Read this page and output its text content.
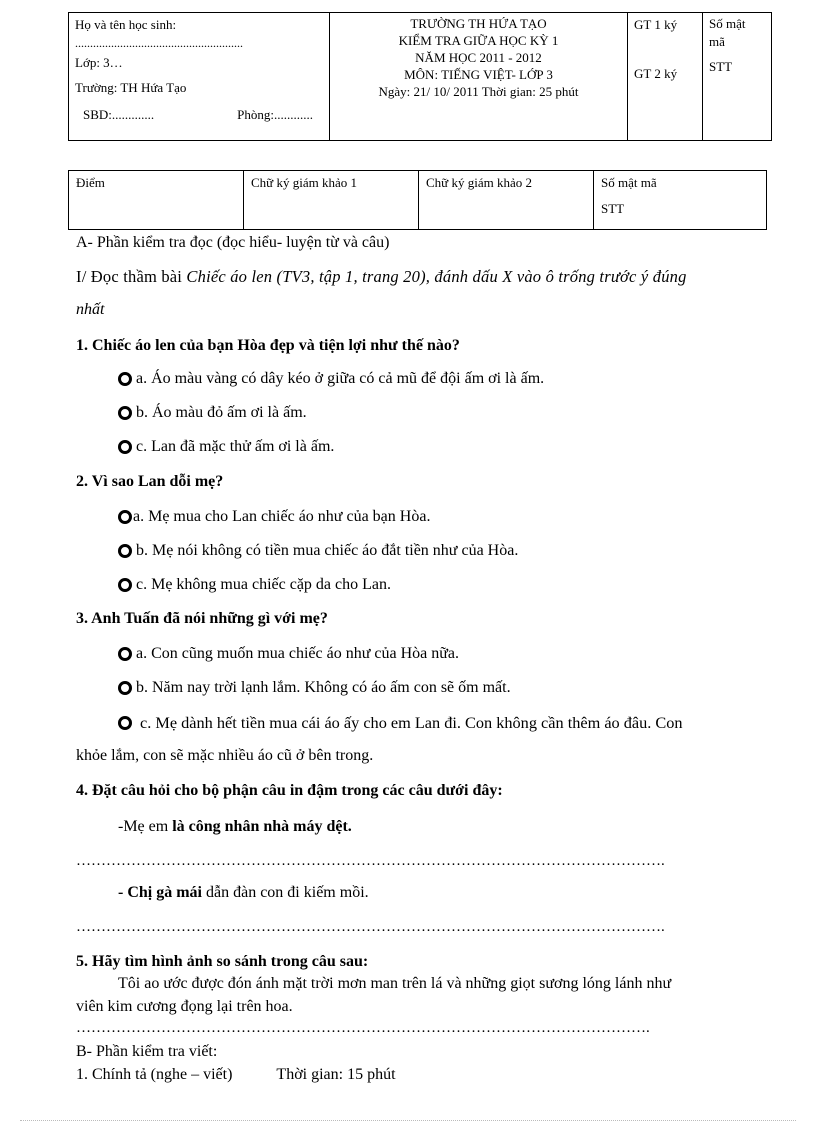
Họ và tên học sinh:
........................................................
Lớp: 3…
Trường: TH Hứa Tạo
SBD:.............	Phòng:............

TRƯỜNG TH HỨA TẠO
KIỂM TRA GIỮA HỌC KỲ 1
NĂM HỌC 2011 - 2012
MÔN: TIẾNG VIỆT- LỚP 3
Ngày: 21/ 10/ 2011 Thời gian: 25 phút

GT 1 ký
GT 2 ký

Số mật mã
STT

Điểm	Chữ ký giám khảo 1	Chữ ký giám khảo 2	Số mật mã
STT
A- Phần kiểm tra đọc (đọc hiểu- luyện từ và câu)
I/ Đọc thầm bài Chiếc áo len (TV3, tập 1, trang 20), đánh dấu X vào ô trống trước ý đúng
nhất
1. Chiếc áo len của bạn Hòa đẹp và tiện lợi như thế nào?
a. Áo màu vàng có dây kéo ở giữa có cả mũ để đội ấm ơi là ấm.
b. Áo màu đỏ ấm ơi là ấm.
c. Lan đã mặc thử ấm ơi là ấm.
2. Vì sao Lan dỗi mẹ?
a. Mẹ mua cho Lan chiếc áo như của bạn Hòa.
b. Mẹ nói không có tiền mua chiếc áo đắt tiền như của Hòa.
c. Mẹ không mua chiếc cặp da cho Lan.
3. Anh Tuấn đã nói những gì với mẹ?
a. Con cũng muốn mua chiếc áo như của Hòa nữa.
b. Năm nay trời lạnh lắm. Không có áo ấm con sẽ ốm mất.
c. Mẹ dành hết tiền mua cái áo ấy cho em Lan đi. Con không cần thêm áo đâu. Con
khỏe lắm, con sẽ mặc nhiều áo cũ ở bên trong.
4. Đặt câu hỏi cho bộ phận câu in đậm trong các câu dưới đây:
-Mẹ em là công nhân nhà máy dệt.
……………………………………………………………………………………………………….
- Chị gà mái dẫn đàn con đi kiếm mồi.
……………………………………………………………………………………………………….
5. Hãy tìm hình ảnh so sánh trong câu sau:
Tôi ao ước được đón ánh mặt trời mơn man trên lá và những giọt sương lóng lánh như
viên kim cương đọng lại trên hoa.
…………………………………………………………………………………………………….
B- Phần kiểm tra viết:
1. Chính tả (nghe – viết)	Thời gian: 15 phút
